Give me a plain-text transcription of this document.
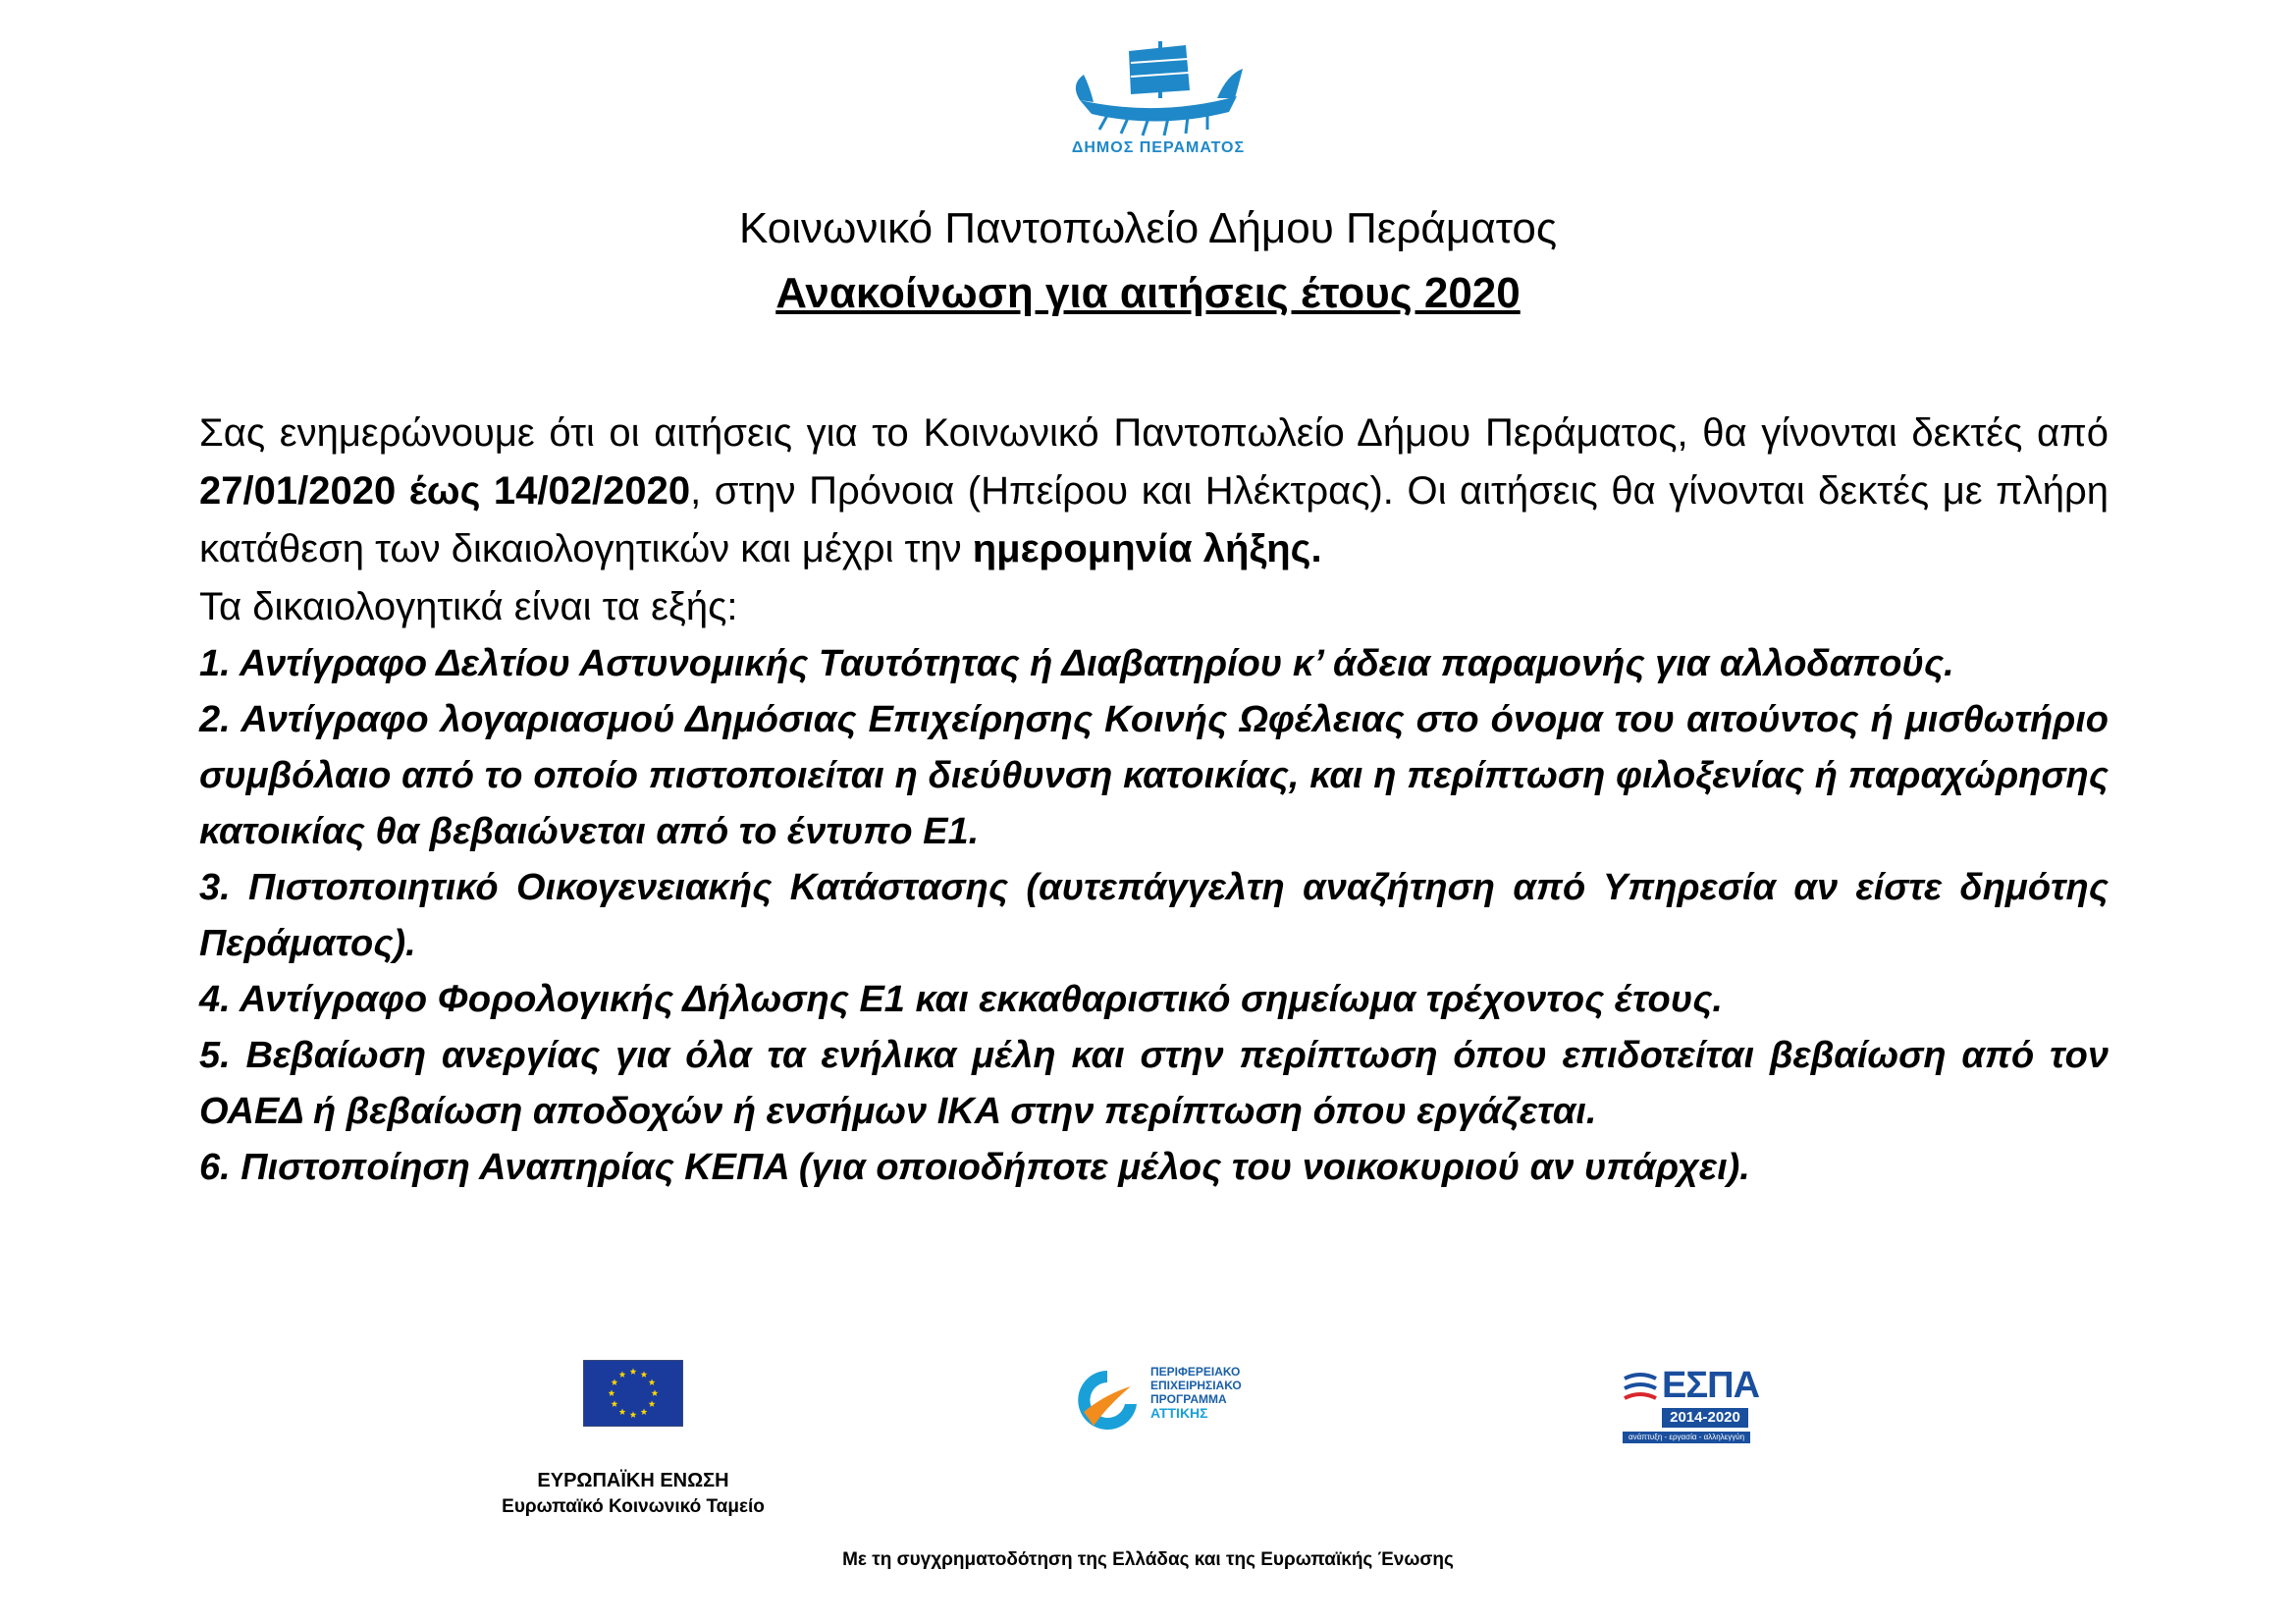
ΔΗΜΟΣ ΠΕΡΑΜΑΤΟΣ
Κοινωνικό Παντοπωλείο Δήμου Περάματος
Ανακοίνωση για αιτήσεις έτους 2020

Σας ενημερώνουμε ότι οι αιτήσεις για το Κοινωνικό Παντοπωλείο Δήμου Περάματος, θα γίνονται δεκτές από 27/01/2020 έως 14/02/2020, στην Πρόνοια (Ηπείρου και Ηλέκτρας). Οι αιτήσεις θα γίνονται δεκτές με πλήρη κατάθεση των δικαιολογητικών και μέχρι την ημερομηνία λήξης.

Τα δικαιολογητικά είναι τα εξής:

1. Αντίγραφο Δελτίου Αστυνομικής Ταυτότητας ή Διαβατηρίου κ’ άδεια παραμονής για αλλοδαπούς.

2. Αντίγραφο λογαριασμού Δημόσιας Επιχείρησης Κοινής Ωφέλειας στο όνομα του αιτούντος ή μισθωτήριο συμβόλαιο από το οποίο πιστοποιείται η διεύθυνση κατοικίας, και η περίπτωση φιλοξενίας ή παραχώρησης κατοικίας θα βεβαιώνεται από το έντυπο Ε1.

3. Πιστοποιητικό Οικογενειακής Κατάστασης (αυτεπάγγελτη αναζήτηση από Υπηρεσία αν είστε δημότης Περάματος).

4. Αντίγραφο Φορολογικής Δήλωσης Ε1 και εκκαθαριστικό σημείωμα τρέχοντος έτους.

5. Βεβαίωση ανεργίας για όλα τα ενήλικα μέλη και στην περίπτωση όπου επιδοτείται βεβαίωση από τον ΟΑΕΔ ή βεβαίωση αποδοχών ή ενσήμων ΙΚΑ στην περίπτωση όπου εργάζεται.

6. Πιστοποίηση Αναπηρίας ΚΕΠΑ (για οποιοδήποτε μέλος του νοικοκυριού αν υπάρχει).

ΕΥΡΩΠΑΪΚΗ ΕΝΩΣΗ
Ευρωπαϊκό Κοινωνικό Ταμείο
ΠΕΡΙΦΕΡΕΙΑΚΟ
ΕΠΙΧΕΙΡΗΣΙΑΚΟ
ΠΡΟΓΡΑΜΜΑ
ΑΤΤΙΚΗΣ
ΕΣΠΑ
2014-2020
ανάπτυξη - εργασία - αλληλεγγύη
Με τη συγχρηματοδότηση της Ελλάδας και της Ευρωπαϊκής Ένωσης
